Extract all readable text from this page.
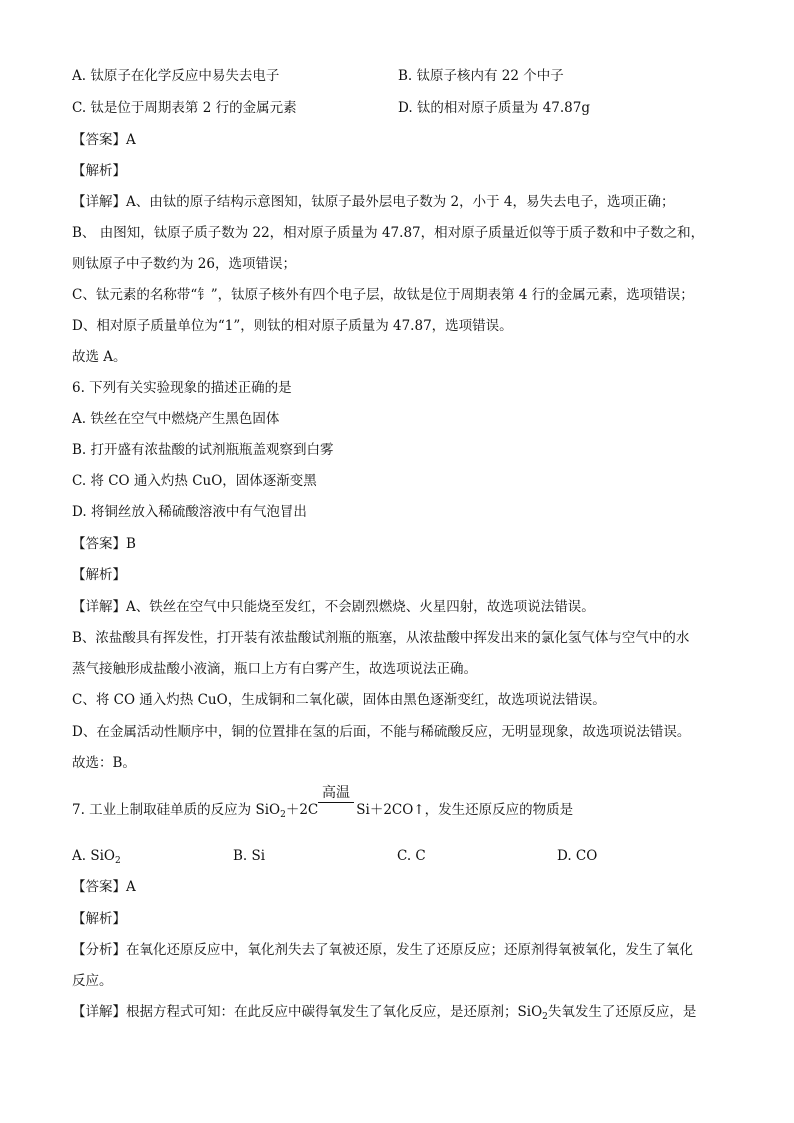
A. 钛原子在化学反应中易失去电子	B. 钛原子核内有 22 个中子
C. 钛是位于周期表第 2 行的金属元素	D. 钛的相对原子质量为 47.87g
【答案】A
【解析】
【详解】A、由钛的原子结构示意图知，钛原子最外层电子数为 2，小于 4，易失去电子，选项正确；
B、 由图知，钛原子质子数为 22，相对原子质量为 47.87，相对原子质量近似等于质子数和中子数之和，
则钛原子中子数约为 26，选项错误；
C、钛元素的名称带“钅”，钛原子核外有四个电子层，故钛是位于周期表第 4 行的金属元素，选项错误；
D、相对原子质量单位为“1”，则钛的相对原子质量为 47.87，选项错误。
故选 A。
6. 下列有关实验现象的描述正确的是
A. 铁丝在空气中燃烧产生黑色固体
B. 打开盛有浓盐酸的试剂瓶瓶盖观察到白雾
C. 将 CO 通入灼热 CuO，固体逐渐变黑
D. 将铜丝放入稀硫酸溶液中有气泡冒出
【答案】B
【解析】
【详解】A、铁丝在空气中只能烧至发红，不会剧烈燃烧、火星四射，故选项说法错误。
B、浓盐酸具有挥发性，打开装有浓盐酸试剂瓶的瓶塞，从浓盐酸中挥发出来的氯化氢气体与空气中的水
蒸气接触形成盐酸小液滴，瓶口上方有白雾产生，故选项说法正确。
C、将 CO 通入灼热 CuO，生成铜和二氧化碳，固体由黑色逐渐变红，故选项说法错误。
D、在金属活动性顺序中，铜的位置排在氢的后面，不能与稀硫酸反应，无明显现象，故选项说法错误。
故选：B。
7. 工业上制取硅单质的反应为 SiO$_2$＋2C	Si＋2CO↑，发生还原反应的物质是
高温
A. SiO$_2$	B. Si	C. C	D. CO
【答案】A
【解析】
【分析】在氧化还原反应中，氧化剂失去了氧被还原，发生了还原反应；还原剂得氧被氧化，发生了氧化
反应。
【详解】根据方程式可知：在此反应中碳得氧发生了氧化反应，是还原剂；SiO$_2$失氧发生了还原反应，是
